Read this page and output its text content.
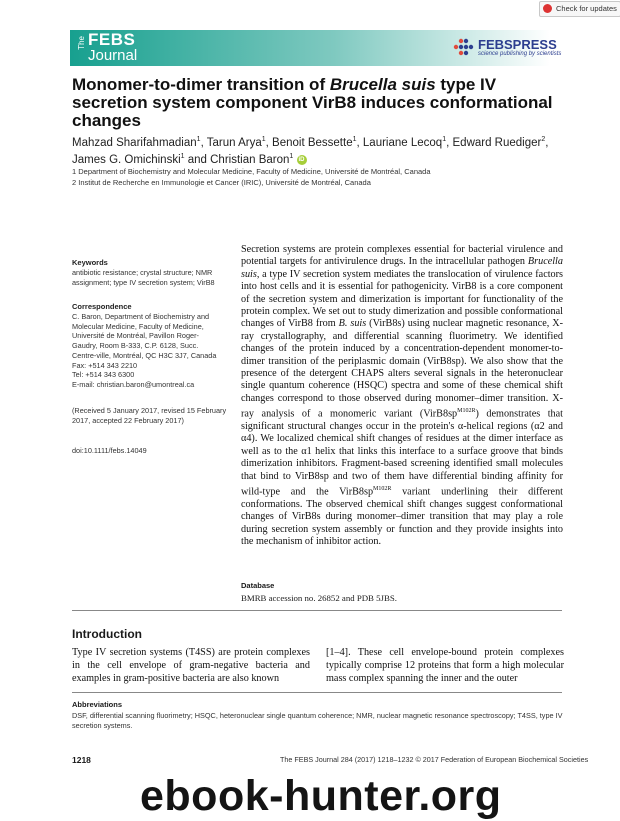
The FEBS
Journal
FEBSPRESS
science publishing by scientists
Check for updates
Monomer-to-dimer transition of Brucella suis type IV secretion system component VirB8 induces conformational changes
Mahzad Sharifahmadian$^1$, Tarun Arya$^1$, Benoit Bessette$^1$, Lauriane Lecoq$^1$, Edward Ruediger$^2$, James G. Omichinski$^1$ and Christian Baron$^1$ iD
1 Department of Biochemistry and Molecular Medicine, Faculty of Medicine, Université de Montréal, Canada
2 Institut de Recherche en Immunologie et Cancer (IRIC), Université de Montréal, Canada
Keywords
antibiotic resistance; crystal structure; NMR assignment; type IV secretion system; VirB8
Correspondence
C. Baron, Department of Biochemistry and
Molecular Medicine, Faculty of Medicine,
Université de Montréal, Pavillon Roger-
Gaudry, Room B-333, C.P. 6128, Succ.
Centre-ville, Montréal, QC H3C 3J7, Canada
Fax: +514 343 2210
Tel: +514 343 6300
E-mail: christian.baron@umontreal.ca
(Received 5 January 2017, revised 15 February 2017, accepted 22 February 2017)
doi:10.1111/febs.14049
Secretion systems are protein complexes essential for bacterial virulence and potential targets for antivirulence drugs. In the intracellular pathogen Brucella suis, a type IV secretion system mediates the translocation of virulence factors into host cells and it is essential for pathogenicity. VirB8 is a core component of the secretion system and dimerization is important for functionality of the protein complex. We set out to study dimerization and possible conformational changes of VirB8 from B. suis (VirB8s) using nuclear magnetic resonance, X-ray crystallography, and differential scanning fluorimetry. We identified changes of the protein induced by a concentration-dependent monomer-to-dimer transition of the periplasmic domain (VirB8sp). We also show that the presence of the detergent CHAPS alters several signals in the heteronuclear single quantum coherence (HSQC) spectra and some of these chemical shift changes correspond to those observed during monomer–dimer transition. X-ray analysis of a monomeric variant $(VirB8sp^{M102R})$ demonstrates that significant structural changes occur in the protein's α-helical regions (α2 and α4). We localized chemical shift changes of residues at the dimer interface as well as to the α1 helix that links this interface to a surface groove that binds dimerization inhibitors. Fragment-based screening identified small molecules that bind to VirB8sp and two of them have differential binding affinity for wild-type and the $VirB8sp^{M102R}$ variant underlining their different conformations. The observed chemical shift changes suggest conformational changes of VirB8s during monomer–dimer transition that may play a role during secretion system assembly or function and they provide insights into the mechanism of inhibitor action.
Database
BMRB accession no. 26852 and PDB 5JBS.
Introduction
Type IV secretion systems (T4SS) are protein complexes in the cell envelope of gram-negative bacteria and examples in gram-positive bacteria are also known
[1–4]. These cell envelope-bound protein complexes typically comprise 12 proteins that form a high molecular mass complex spanning the inner and the outer
Abbreviations
DSF, differential scanning fluorimetry; HSQC, heteronuclear single quantum coherence; NMR, nuclear magnetic resonance spectroscopy; T4SS, type IV secretion systems.
1218	The FEBS Journal 284 (2017) 1218–1232 © 2017 Federation of European Biochemical Societies
ebook-hunter.org
